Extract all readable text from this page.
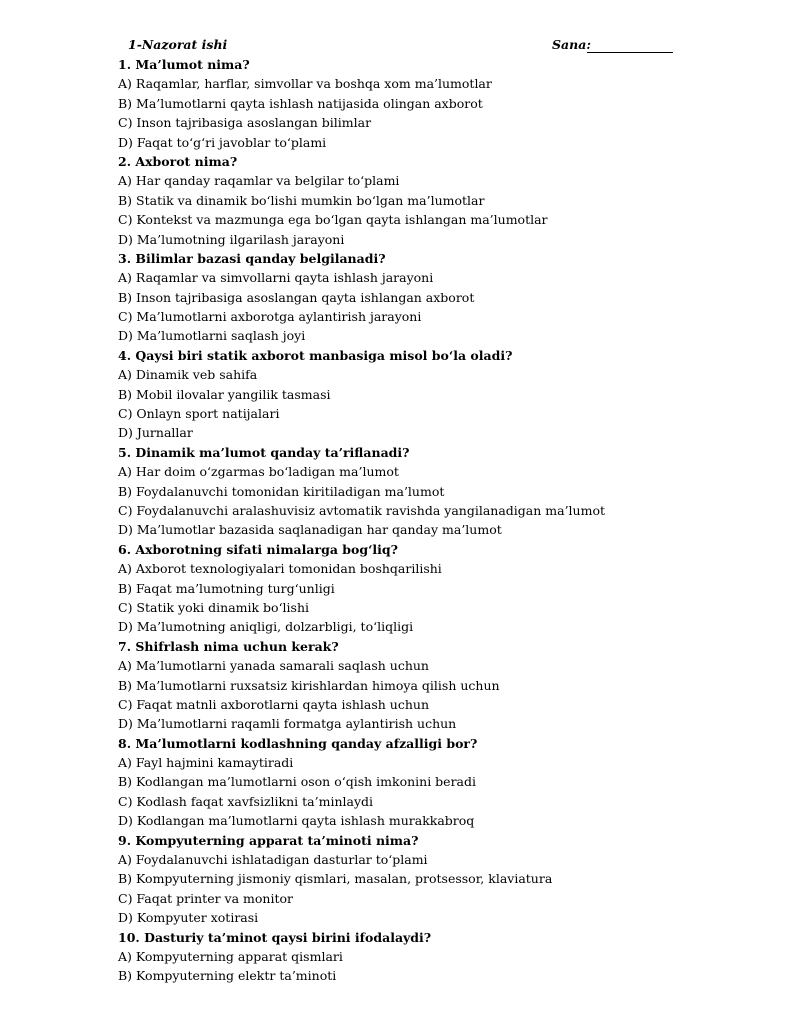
1-Nazorat ishi	Sana:
1. Ma’lumot nima?
A) Raqamlar, harflar, simvollar va boshqa xom ma’lumotlar
B) Ma’lumotlarni qayta ishlash natijasida olingan axborot
C) Inson tajribasiga asoslangan bilimlar
D) Faqat to‘g‘ri javoblar to‘plami
2. Axborot nima?
A) Har qanday raqamlar va belgilar to‘plami
B) Statik va dinamik bo‘lishi mumkin bo‘lgan ma’lumotlar
C) Kontekst va mazmunga ega bo‘lgan qayta ishlangan ma’lumotlar
D) Ma’lumotning ilgarilash jarayoni
3. Bilimlar bazasi qanday belgilanadi?
A) Raqamlar va simvollarni qayta ishlash jarayoni
B) Inson tajribasiga asoslangan qayta ishlangan axborot
C) Ma’lumotlarni axborotga aylantirish jarayoni
D) Ma’lumotlarni saqlash joyi
4. Qaysi biri statik axborot manbasiga misol bo‘la oladi?
A) Dinamik veb sahifa
B) Mobil ilovalar yangilik tasmasi
C) Onlayn sport natijalari
D) Jurnallar
5. Dinamik ma’lumot qanday ta’riflanadi?
A) Har doim o‘zgarmas bo‘ladigan ma’lumot
B) Foydalanuvchi tomonidan kiritiladigan ma’lumot
C) Foydalanuvchi aralashuvisiz avtomatik ravishda yangilanadigan ma’lumot
D) Ma’lumotlar bazasida saqlanadigan har qanday ma’lumot
6. Axborotning sifati nimalarga bog‘liq?
A) Axborot texnologiyalari tomonidan boshqarilishi
B) Faqat ma’lumotning turg‘unligi
C) Statik yoki dinamik bo‘lishi
D) Ma’lumotning aniqligi, dolzarbligi, to‘liqligi
7. Shifrlash nima uchun kerak?
A) Ma’lumotlarni yanada samarali saqlash uchun
B) Ma’lumotlarni ruxsatsiz kirishlardan himoya qilish uchun
C) Faqat matnli axborotlarni qayta ishlash uchun
D) Ma’lumotlarni raqamli formatga aylantirish uchun
8. Ma’lumotlarni kodlashning qanday afzalligi bor?
A) Fayl hajmini kamaytiradi
B) Kodlangan ma’lumotlarni oson o‘qish imkonini beradi
C) Kodlash faqat xavfsizlikni ta’minlaydi
D) Kodlangan ma’lumotlarni qayta ishlash murakkabroq
9. Kompyuterning apparat ta’minoti nima?
A) Foydalanuvchi ishlatadigan dasturlar to‘plami
B) Kompyuterning jismoniy qismlari, masalan, protsessor, klaviatura
C) Faqat printer va monitor
D) Kompyuter xotirasi
10. Dasturiy ta’minot qaysi birini ifodalaydi?
A) Kompyuterning apparat qismlari
B) Kompyuterning elektr ta’minoti
